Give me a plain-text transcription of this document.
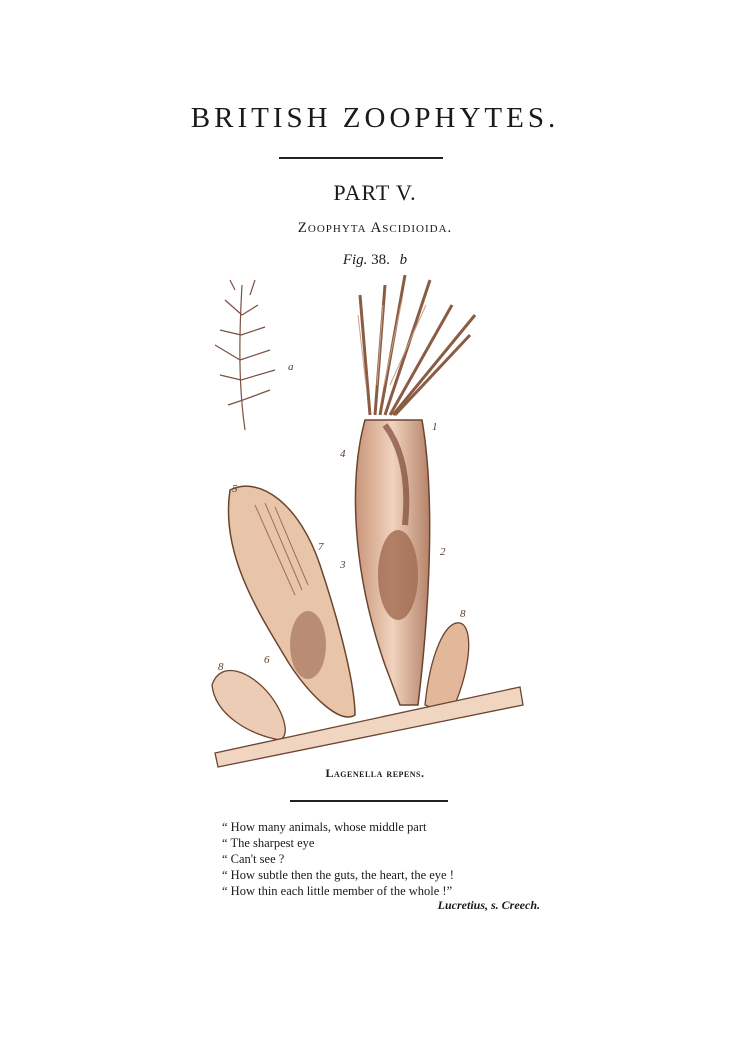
BRITISH ZOOPHYTES.
PART V.
Zoophyta Ascidioida.
Fig. 38. b
a
1
2
3
4
5
6
7
8
8
Lagenella repens.
“ How many animals, whose middle part
“ The sharpest eye
“ Can't see ?
“ How subtle then the guts, the heart, the eye !
“ How thin each little member of the whole !”
Lucretius, s. Creech.
